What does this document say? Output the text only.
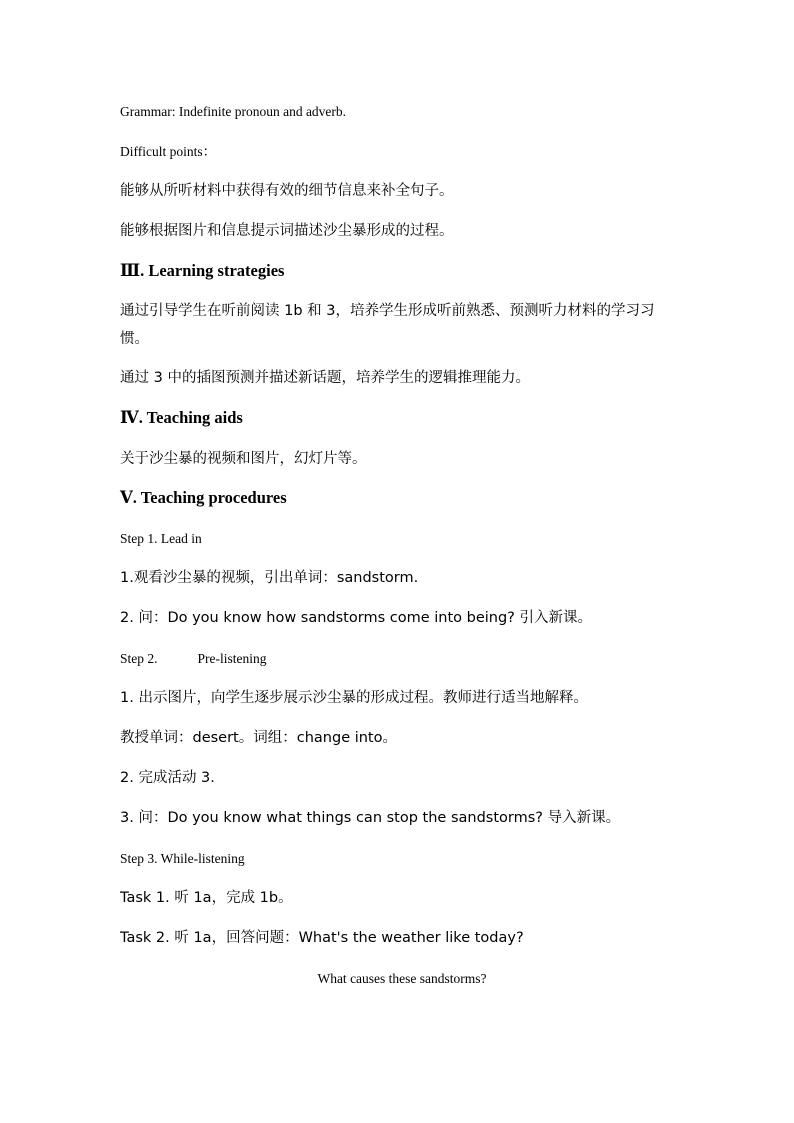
Grammar: Indefinite pronoun and adverb.
Difficult points：
能够从所听材料中获得有效的细节信息来补全句子。
能够根据图片和信息提示词描述沙尘暴形成的过程。
Ⅲ. Learning strategies
通过引导学生在听前阅读 1b 和 3，培养学生形成听前熟悉、预测听力材料的学习习惯。
通过 3 中的插图预测并描述新话题，培养学生的逻辑推理能力。
Ⅳ. Teaching aids
关于沙尘暴的视频和图片，幻灯片等。
Ⅴ. Teaching procedures
Step 1. Lead in
1.观看沙尘暴的视频，引出单词：sandstorm.
2. 问：Do you know how sandstorms come into being? 引入新课。
Step 2.	Pre-listening
1. 出示图片，向学生逐步展示沙尘暴的形成过程。教师进行适当地解释。
教授单词：desert。词组：change into。
2. 完成活动 3.
3. 问：Do you know what things can stop the sandstorms? 导入新课。
Step 3. While-listening
Task 1. 听 1a，完成 1b。
Task 2. 听 1a，回答问题：What's the weather like today?
What causes these sandstorms?
